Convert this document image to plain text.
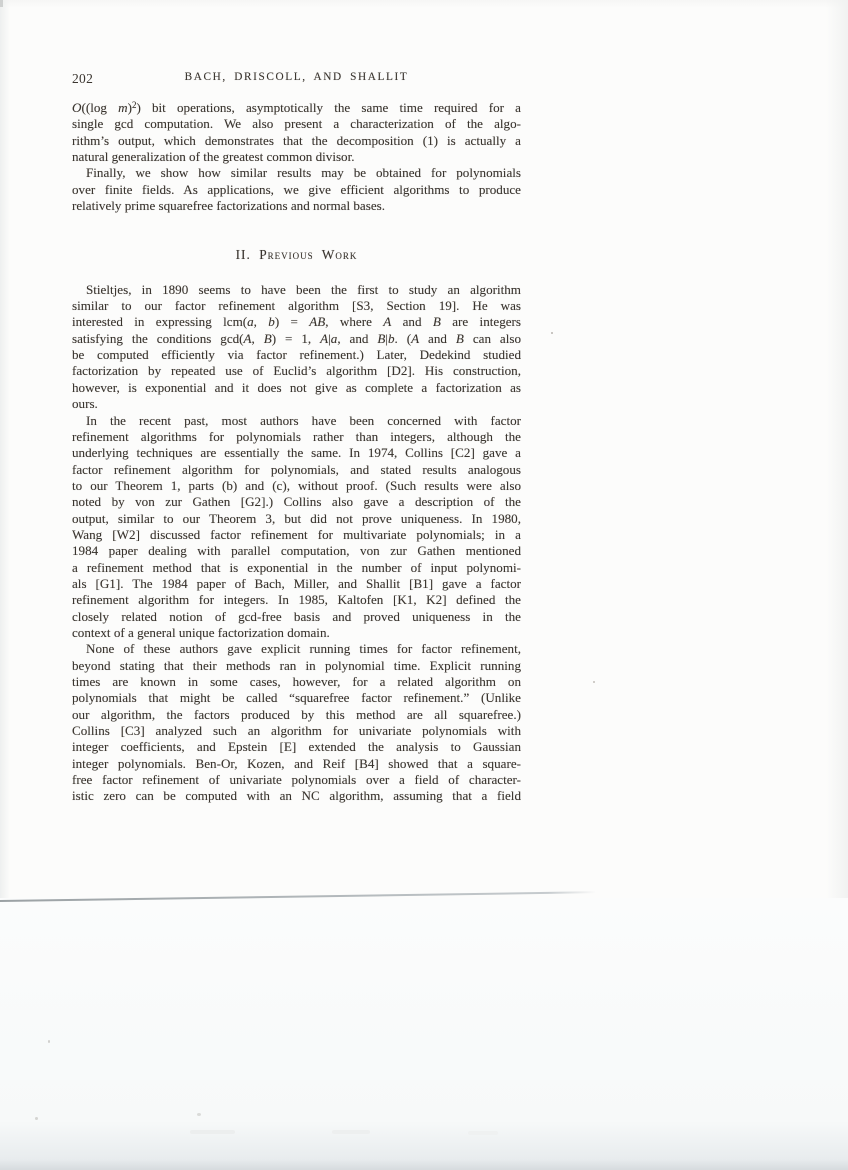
202	BACH, DRISCOLL, AND SHALLIT
O((log m)$^2$) bit operations, asymptotically the same time required for a
single gcd computation. We also present a characterization of the algo-
rithm’s output, which demonstrates that the decomposition (1) is actually a
natural generalization of the greatest common divisor.
Finally, we show how similar results may be obtained for polynomials
over finite fields. As applications, we give efficient algorithms to produce
relatively prime squarefree factorizations and normal bases.
II. Previous Work
Stieltjes, in 1890 seems to have been the first to study an algorithm
similar to our factor refinement algorithm [S3, Section 19]. He was
interested in expressing lcm(a, b) = AB, where A and B are integers
satisfying the conditions gcd(A, B) = 1, A|a, and B|b. (A and B can also
be computed efficiently via factor refinement.) Later, Dedekind studied
factorization by repeated use of Euclid’s algorithm [D2]. His construction,
however, is exponential and it does not give as complete a factorization as
ours.
In the recent past, most authors have been concerned with factor
refinement algorithms for polynomials rather than integers, although the
underlying techniques are essentially the same. In 1974, Collins [C2] gave a
factor refinement algorithm for polynomials, and stated results analogous
to our Theorem 1, parts (b) and (c), without proof. (Such results were also
noted by von zur Gathen [G2].) Collins also gave a description of the
output, similar to our Theorem 3, but did not prove uniqueness. In 1980,
Wang [W2] discussed factor refinement for multivariate polynomials; in a
1984 paper dealing with parallel computation, von zur Gathen mentioned
a refinement method that is exponential in the number of input polynomi-
als [G1]. The 1984 paper of Bach, Miller, and Shallit [B1] gave a factor
refinement algorithm for integers. In 1985, Kaltofen [K1, K2] defined the
closely related notion of gcd-free basis and proved uniqueness in the
context of a general unique factorization domain.
None of these authors gave explicit running times for factor refinement,
beyond stating that their methods ran in polynomial time. Explicit running
times are known in some cases, however, for a related algorithm on
polynomials that might be called “squarefree factor refinement.” (Unlike
our algorithm, the factors produced by this method are all squarefree.)
Collins [C3] analyzed such an algorithm for univariate polynomials with
integer coefficients, and Epstein [E] extended the analysis to Gaussian
integer polynomials. Ben-Or, Kozen, and Reif [B4] showed that a square-
free factor refinement of univariate polynomials over a field of character-
istic zero can be computed with an NC algorithm, assuming that a field
